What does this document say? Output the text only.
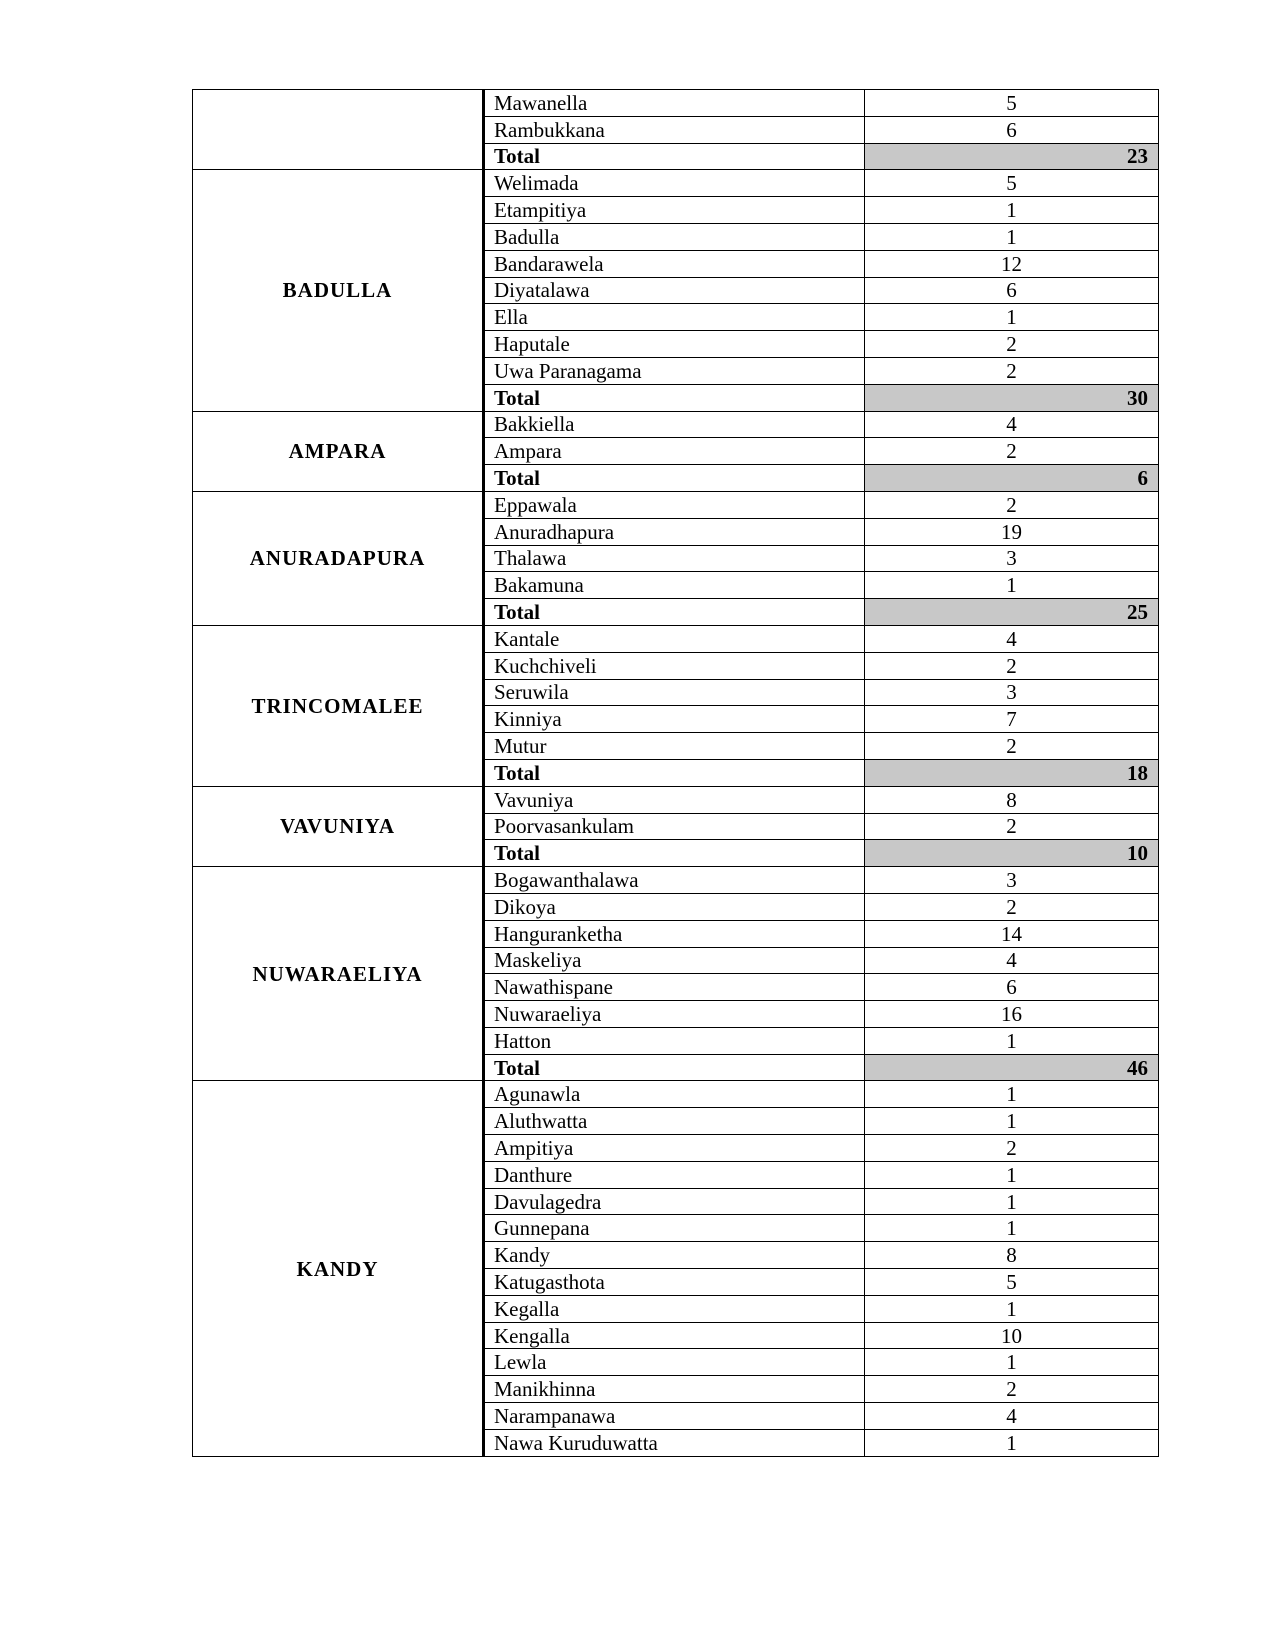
	Mawanella	5
	Rambukkana	6
	Total	23
BADULLA	Welimada	5
	Etampitiya	1
	Badulla	1
	Bandarawela	12
	Diyatalawa	6
	Ella	1
	Haputale	2
	Uwa Paranagama	2
	Total	30
AMPARA	Bakkiella	4
	Ampara	2
	Total	6
ANURADAPURA	Eppawala	2
	Anuradhapura	19
	Thalawa	3
	Bakamuna	1
	Total	25
TRINCOMALEE	Kantale	4
	Kuchchiveli	2
	Seruwila	3
	Kinniya	7
	Mutur	2
	Total	18
VAVUNIYA	Vavuniya	8
	Poorvasankulam	2
	Total	10
NUWARAELIYA	Bogawanthalawa	3
	Dikoya	2
	Hanguranketha	14
	Maskeliya	4
	Nawathispane	6
	Nuwaraeliya	16
	Hatton	1
	Total	46
KANDY	Agunawla	1
	Aluthwatta	1
	Ampitiya	2
	Danthure	1
	Davulagedra	1
	Gunnepana	1
	Kandy	8
	Katugasthota	5
	Kegalla	1
	Kengalla	10
	Lewla	1
	Manikhinna	2
	Narampanawa	4
	Nawa Kuruduwatta	1
